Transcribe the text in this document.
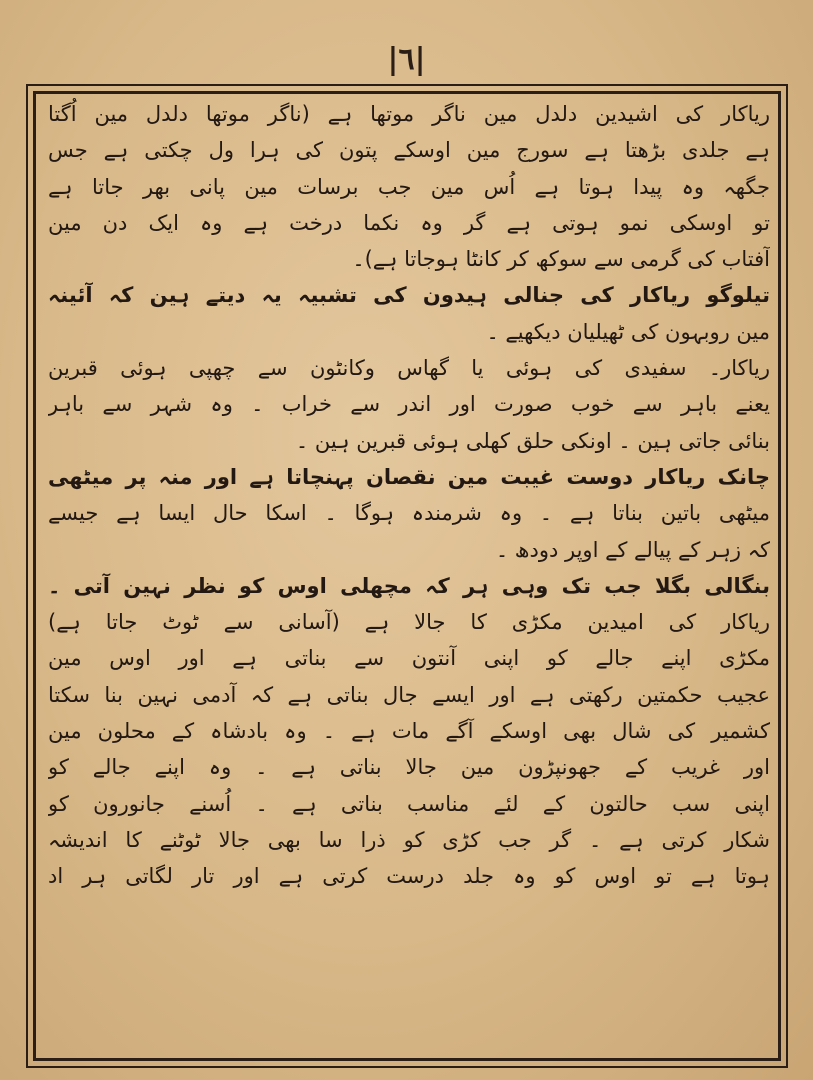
|٦|
ریاکار کی اشیدین دلدل مین ناگر موتھا ہے (ناگر موتھا دلدل مین اُگتا
ہے جلدی بڑھتا ہے سورج مین اوسکے پتون کی ہرا ول چکتی ہے جس
جگھہ وہ پیدا ہوتا ہے اُس مین جب برسات مین پانی بھر جاتا ہے
تو اوسکی نمو ہوتی ہے گر وہ نکما درخت ہے وہ ایک دن مین
آفتاب کی گرمی سے سوکھ کر کانٹا ہوجاتا ہے)۔
تیلوگو ریاکار کی جنالی ہیدون کی تشبیہ یہ دیتے ہین کہ آئینہ
مین روبہون کی ٹھیلیان دیکھیے ۔
ریاکار۔ سفیدی کی ہوئی یا گھاس وکانٹون سے چھپی ہوئی قبرین
یعنے باہر سے خوب صورت اور اندر سے خراب ۔ وہ شہر سے باہر
بنائی جاتی ہین ۔ اونکی حلق کھلی ہوئی قبرین ہین ۔
چانک ریاکار دوست غیبت مین نقصان پہنچاتا ہے اور منہ پر میٹھی
میٹھی باتین بناتا ہے ۔ وہ شرمندہ ہوگا ۔ اسکا حال ایسا ہے جیسے
کہ زہر کے پیالے کے اوپر دودھ ۔
بنگالی بگلا جب تک وہی ہر کہ مچھلی اوس کو نظر نہین آتی ۔
ریاکار کی امیدین مکڑی کا جالا ہے (آسانی سے ٹوٹ جاتا ہے)
مکڑی اپنے جالے کو اپنی آنتون سے بناتی ہے اور اوس مین
عجیب حکمتین رکھتی ہے اور ایسے جال بناتی ہے کہ آدمی نہین بنا سکتا
کشمیر کی شال بھی اوسکے آگے مات ہے ۔ وہ بادشاہ کے محلون مین
اور غریب کے جھونپڑون مین جالا بناتی ہے ۔ وہ اپنے جالے کو
اپنی سب حالتون کے لئے مناسب بناتی ہے ۔ اُسنے جانورون کو
شکار کرتی ہے ۔ گر جب کڑی کو ذرا سا بھی جالا ٹوٹنے کا اندیشہ
ہوتا ہے تو اوس کو وہ جلد درست کرتی ہے اور تار لگاتی ہر اد
